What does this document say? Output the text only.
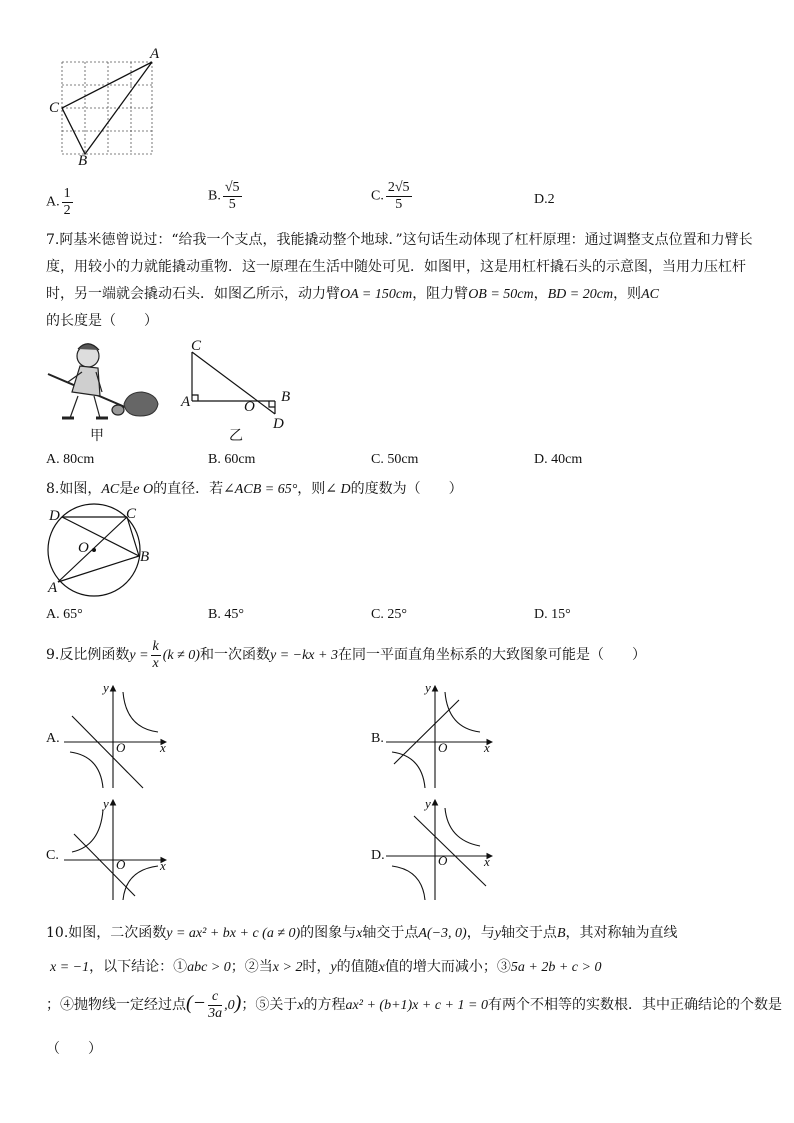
A
C
B
A. $\frac{1}{2}$	B. $\frac{√5}{5}$	C. $\frac{2√5}{5}$	D.2
7.阿基米德曾说过：“给我一个支点，我能撬动整个地球．”这句话生动体现了杠杆原理：通过调整支点位置和力臂长度，用较小的力就能撬动重物．这一原理在生活中随处可见．如图甲，这是用杠杆撬石头的示意图，当用力压杠杆时，另一端就会撬动石头．如图乙所示，动力臂OA = 150cm，阻力臂OB = 50cm，BD = 20cm，则AC的长度是（　　）
甲
C
A	O
B
D
乙
A. 80cm	B. 60cm	C. 50cm	D. 40cm
8.如图，AC是e O的直径．若∠ACB = 65°，则∠ D的度数为（　　）
D	C
O
B
A
A. 65°	B. 45°	C. 25°	D. 15°
9.反比例函数$y = \frac{k}{x} (k \ne 0)$和一次函数y = −kx + 3在同一平面直角坐标系的大致图象可能是（　　）
y
x
O
y
x
O
y
x
O
y
x
O
A.	B.
C.	D.
10.如图，二次函数y = ax² + bx + c (a ≠ 0)的图象与x轴交于点A(−3, 0)，与y轴交于点B，其对称轴为直线
x = −1，以下结论：①abc > 0；②当x > 2时，y的值随x值的增大而减小；③5a + 2b + c > 0
；④抛物线一定经过点(− $\frac{c}{3a} ,0$)；⑤关于x的方程ax² + (b+1)x + c + 1 = 0有两个不相等的实数根．其中正确结论的个数是
（　　）
